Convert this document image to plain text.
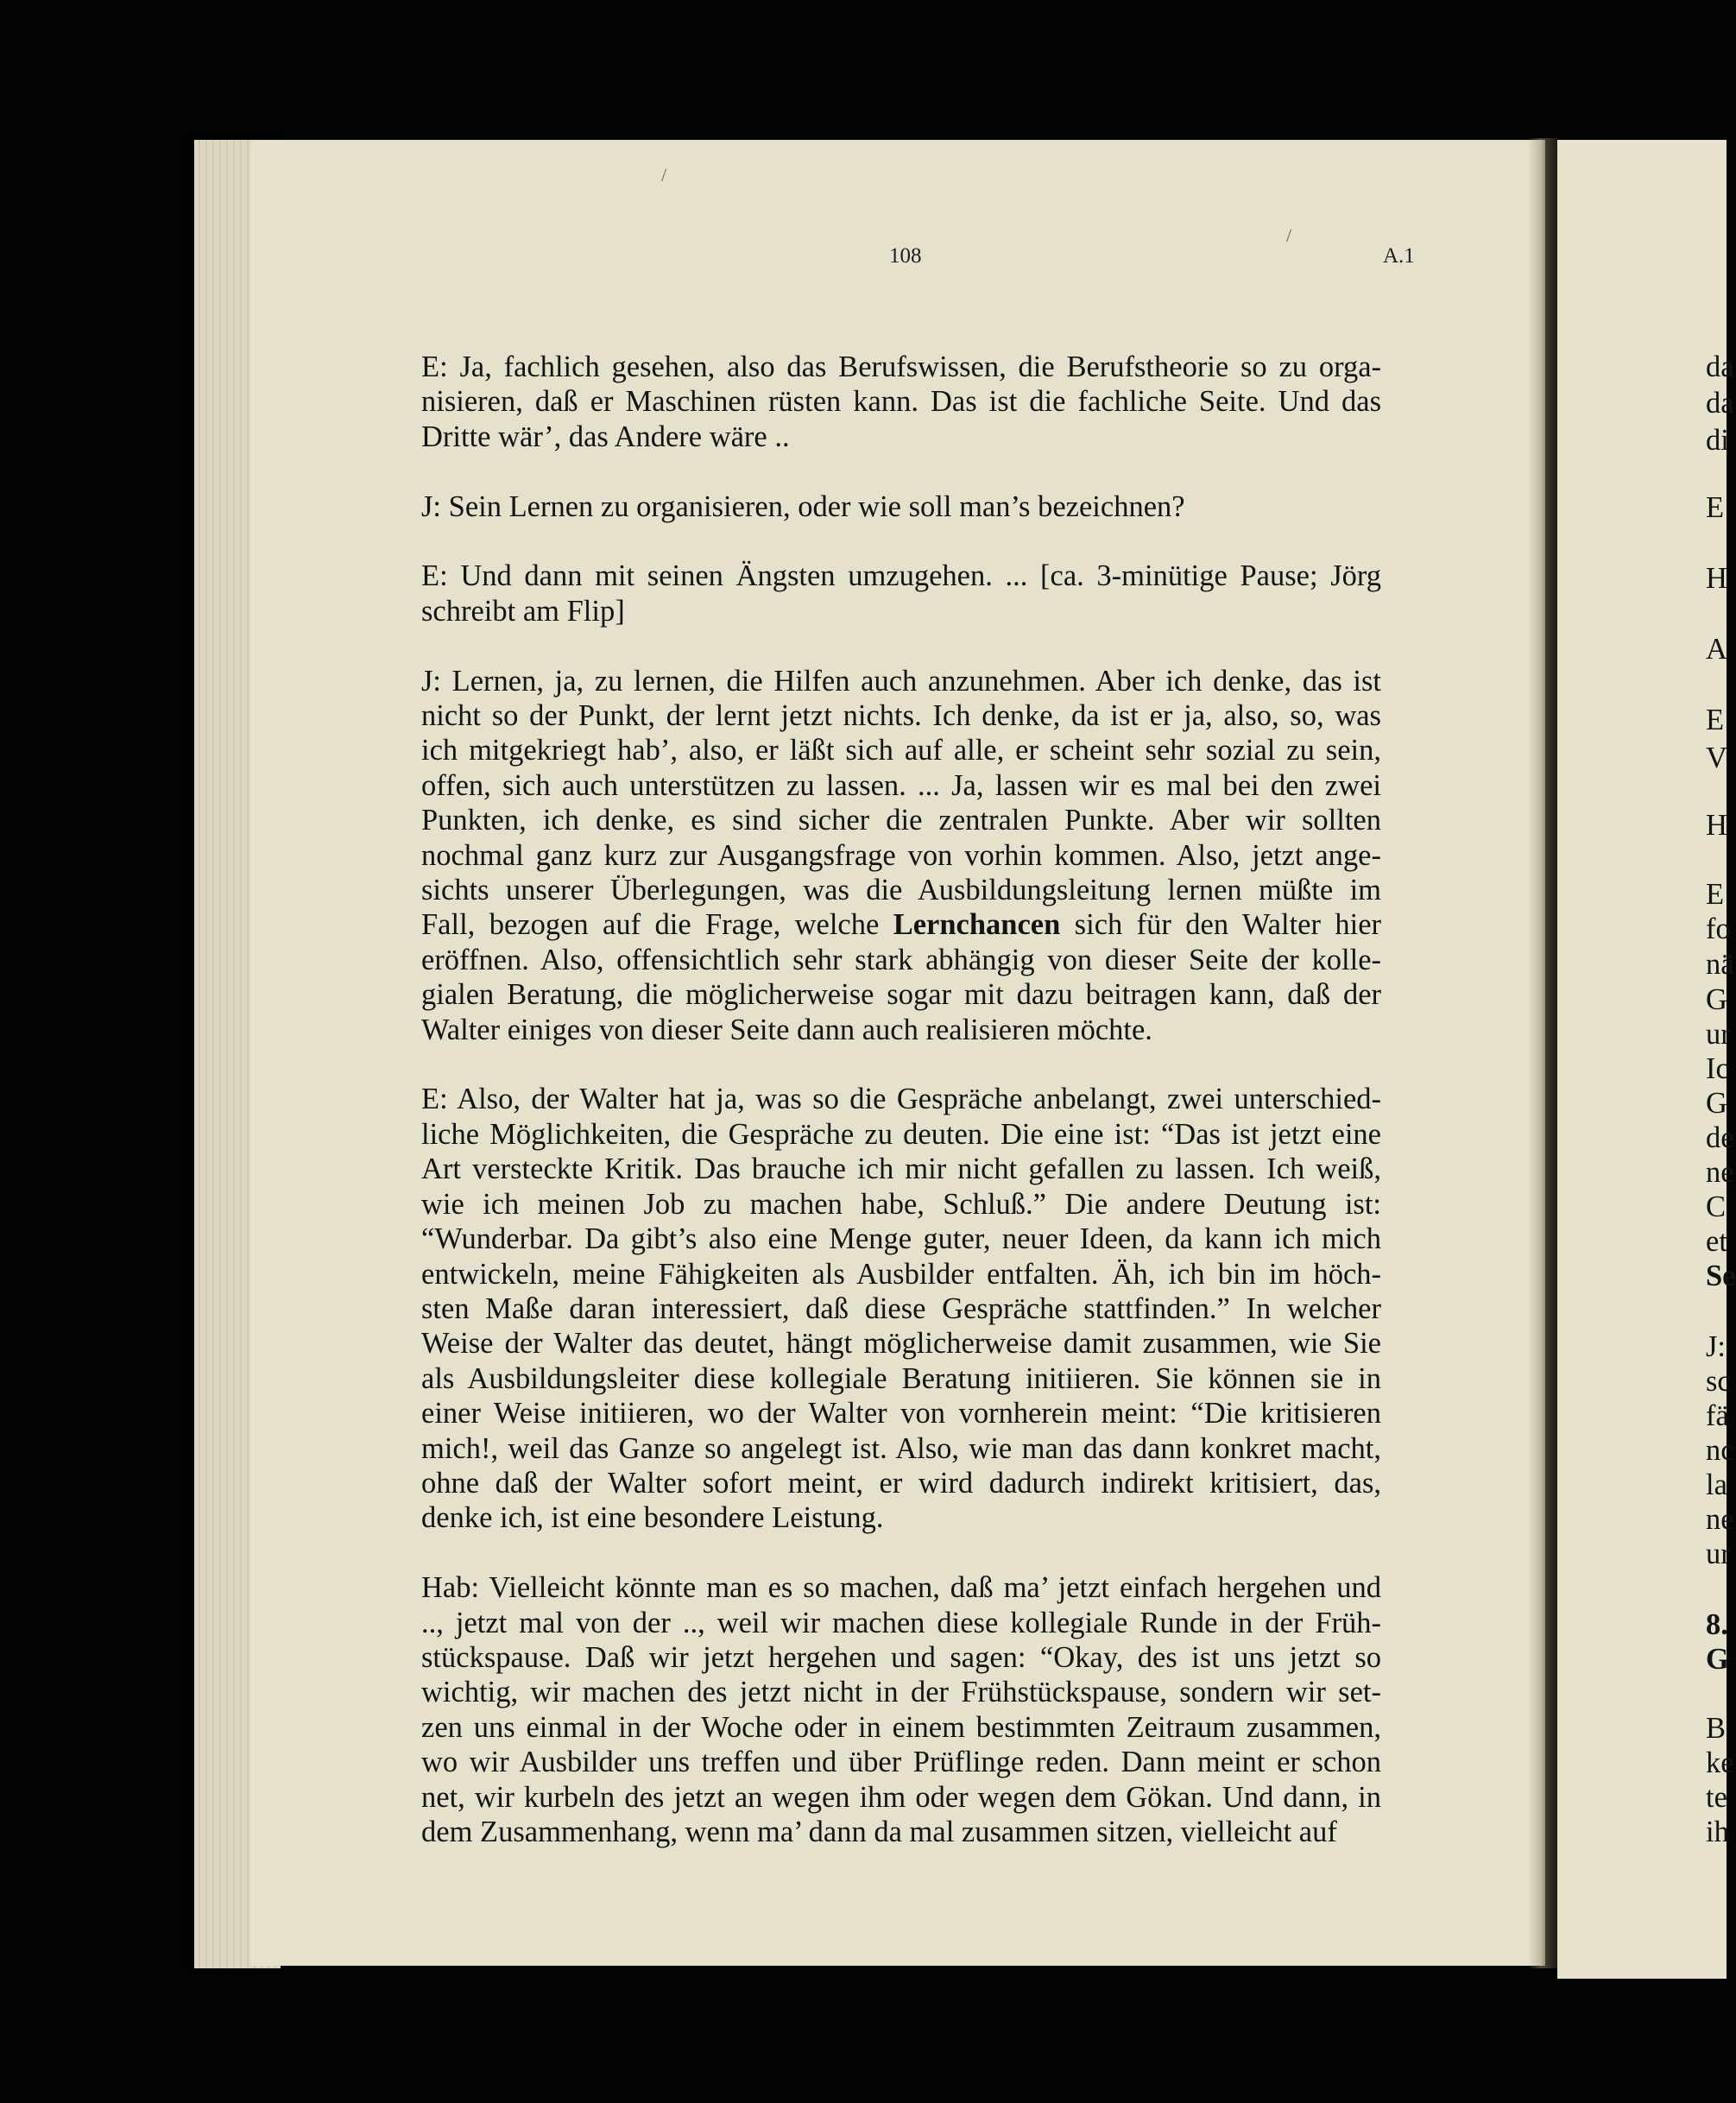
108	A.1
/
/
E: Ja, fachlich gesehen, also das Berufswissen, die Berufstheorie so zu orga-
nisieren, daß er Maschinen rüsten kann. Das ist die fachliche Seite. Und das
Dritte wär’, das Andere wäre ..
J: Sein Lernen zu organisieren, oder wie soll man’s bezeichnen?
E: Und dann mit seinen Ängsten umzugehen. ... [ca. 3-minütige Pause; Jörg
schreibt am Flip]
J: Lernen, ja, zu lernen, die Hilfen auch anzunehmen. Aber ich denke, das ist
nicht so der Punkt, der lernt jetzt nichts. Ich denke, da ist er ja, also, so, was
ich mitgekriegt hab’, also, er läßt sich auf alle, er scheint sehr sozial zu sein,
offen, sich auch unterstützen zu lassen. ... Ja, lassen wir es mal bei den zwei
Punkten, ich denke, es sind sicher die zentralen Punkte. Aber wir sollten
nochmal ganz kurz zur Ausgangsfrage von vorhin kommen. Also, jetzt ange-
sichts unserer Überlegungen, was die Ausbildungsleitung lernen müßte im
Fall, bezogen auf die Frage, welche Lernchancen sich für den Walter hier
eröffnen. Also, offensichtlich sehr stark abhängig von dieser Seite der kolle-
gialen Beratung, die möglicherweise sogar mit dazu beitragen kann, daß der
Walter einiges von dieser Seite dann auch realisieren möchte.
E: Also, der Walter hat ja, was so die Gespräche anbelangt, zwei unterschied-
liche Möglichkeiten, die Gespräche zu deuten. Die eine ist: “Das ist jetzt eine
Art versteckte Kritik. Das brauche ich mir nicht gefallen zu lassen. Ich weiß,
wie ich meinen Job zu machen habe, Schluß.” Die andere Deutung ist:
“Wunderbar. Da gibt’s also eine Menge guter, neuer Ideen, da kann ich mich
entwickeln, meine Fähigkeiten als Ausbilder entfalten. Äh, ich bin im höch-
sten Maße daran interessiert, daß diese Gespräche stattfinden.” In welcher
Weise der Walter das deutet, hängt möglicherweise damit zusammen, wie Sie
als Ausbildungsleiter diese kollegiale Beratung initiieren. Sie können sie in
einer Weise initiieren, wo der Walter von vornherein meint: “Die kritisieren
mich!, weil das Ganze so angelegt ist. Also, wie man das dann konkret macht,
ohne daß der Walter sofort meint, er wird dadurch indirekt kritisiert, das,
denke ich, ist eine besondere Leistung.
Hab: Vielleicht könnte man es so machen, daß ma’ jetzt einfach hergehen und
.., jetzt mal von der .., weil wir machen diese kollegiale Runde in der Früh-
stückspause. Daß wir jetzt hergehen und sagen: “Okay, des ist uns jetzt so
wichtig, wir machen des jetzt nicht in der Frühstückspause, sondern wir set-
zen uns einmal in der Woche oder in einem bestimmten Zeitraum zusammen,
wo wir Ausbilder uns treffen und über Prüflinge reden. Dann meint er schon
net, wir kurbeln des jetzt an wegen ihm oder wegen dem Gökan. Und dann, in
dem Zusammenhang, wenn ma’ dann da mal zusammen sitzen, vielleicht auf
da
da
di
E
H
A
E
V
H
E
fo
nä
G
ur
Ic
G
de
ne
C
et
Se
J:
sc
fä
nc
la
ne
ur
8.
G
B
ke
te
ih
